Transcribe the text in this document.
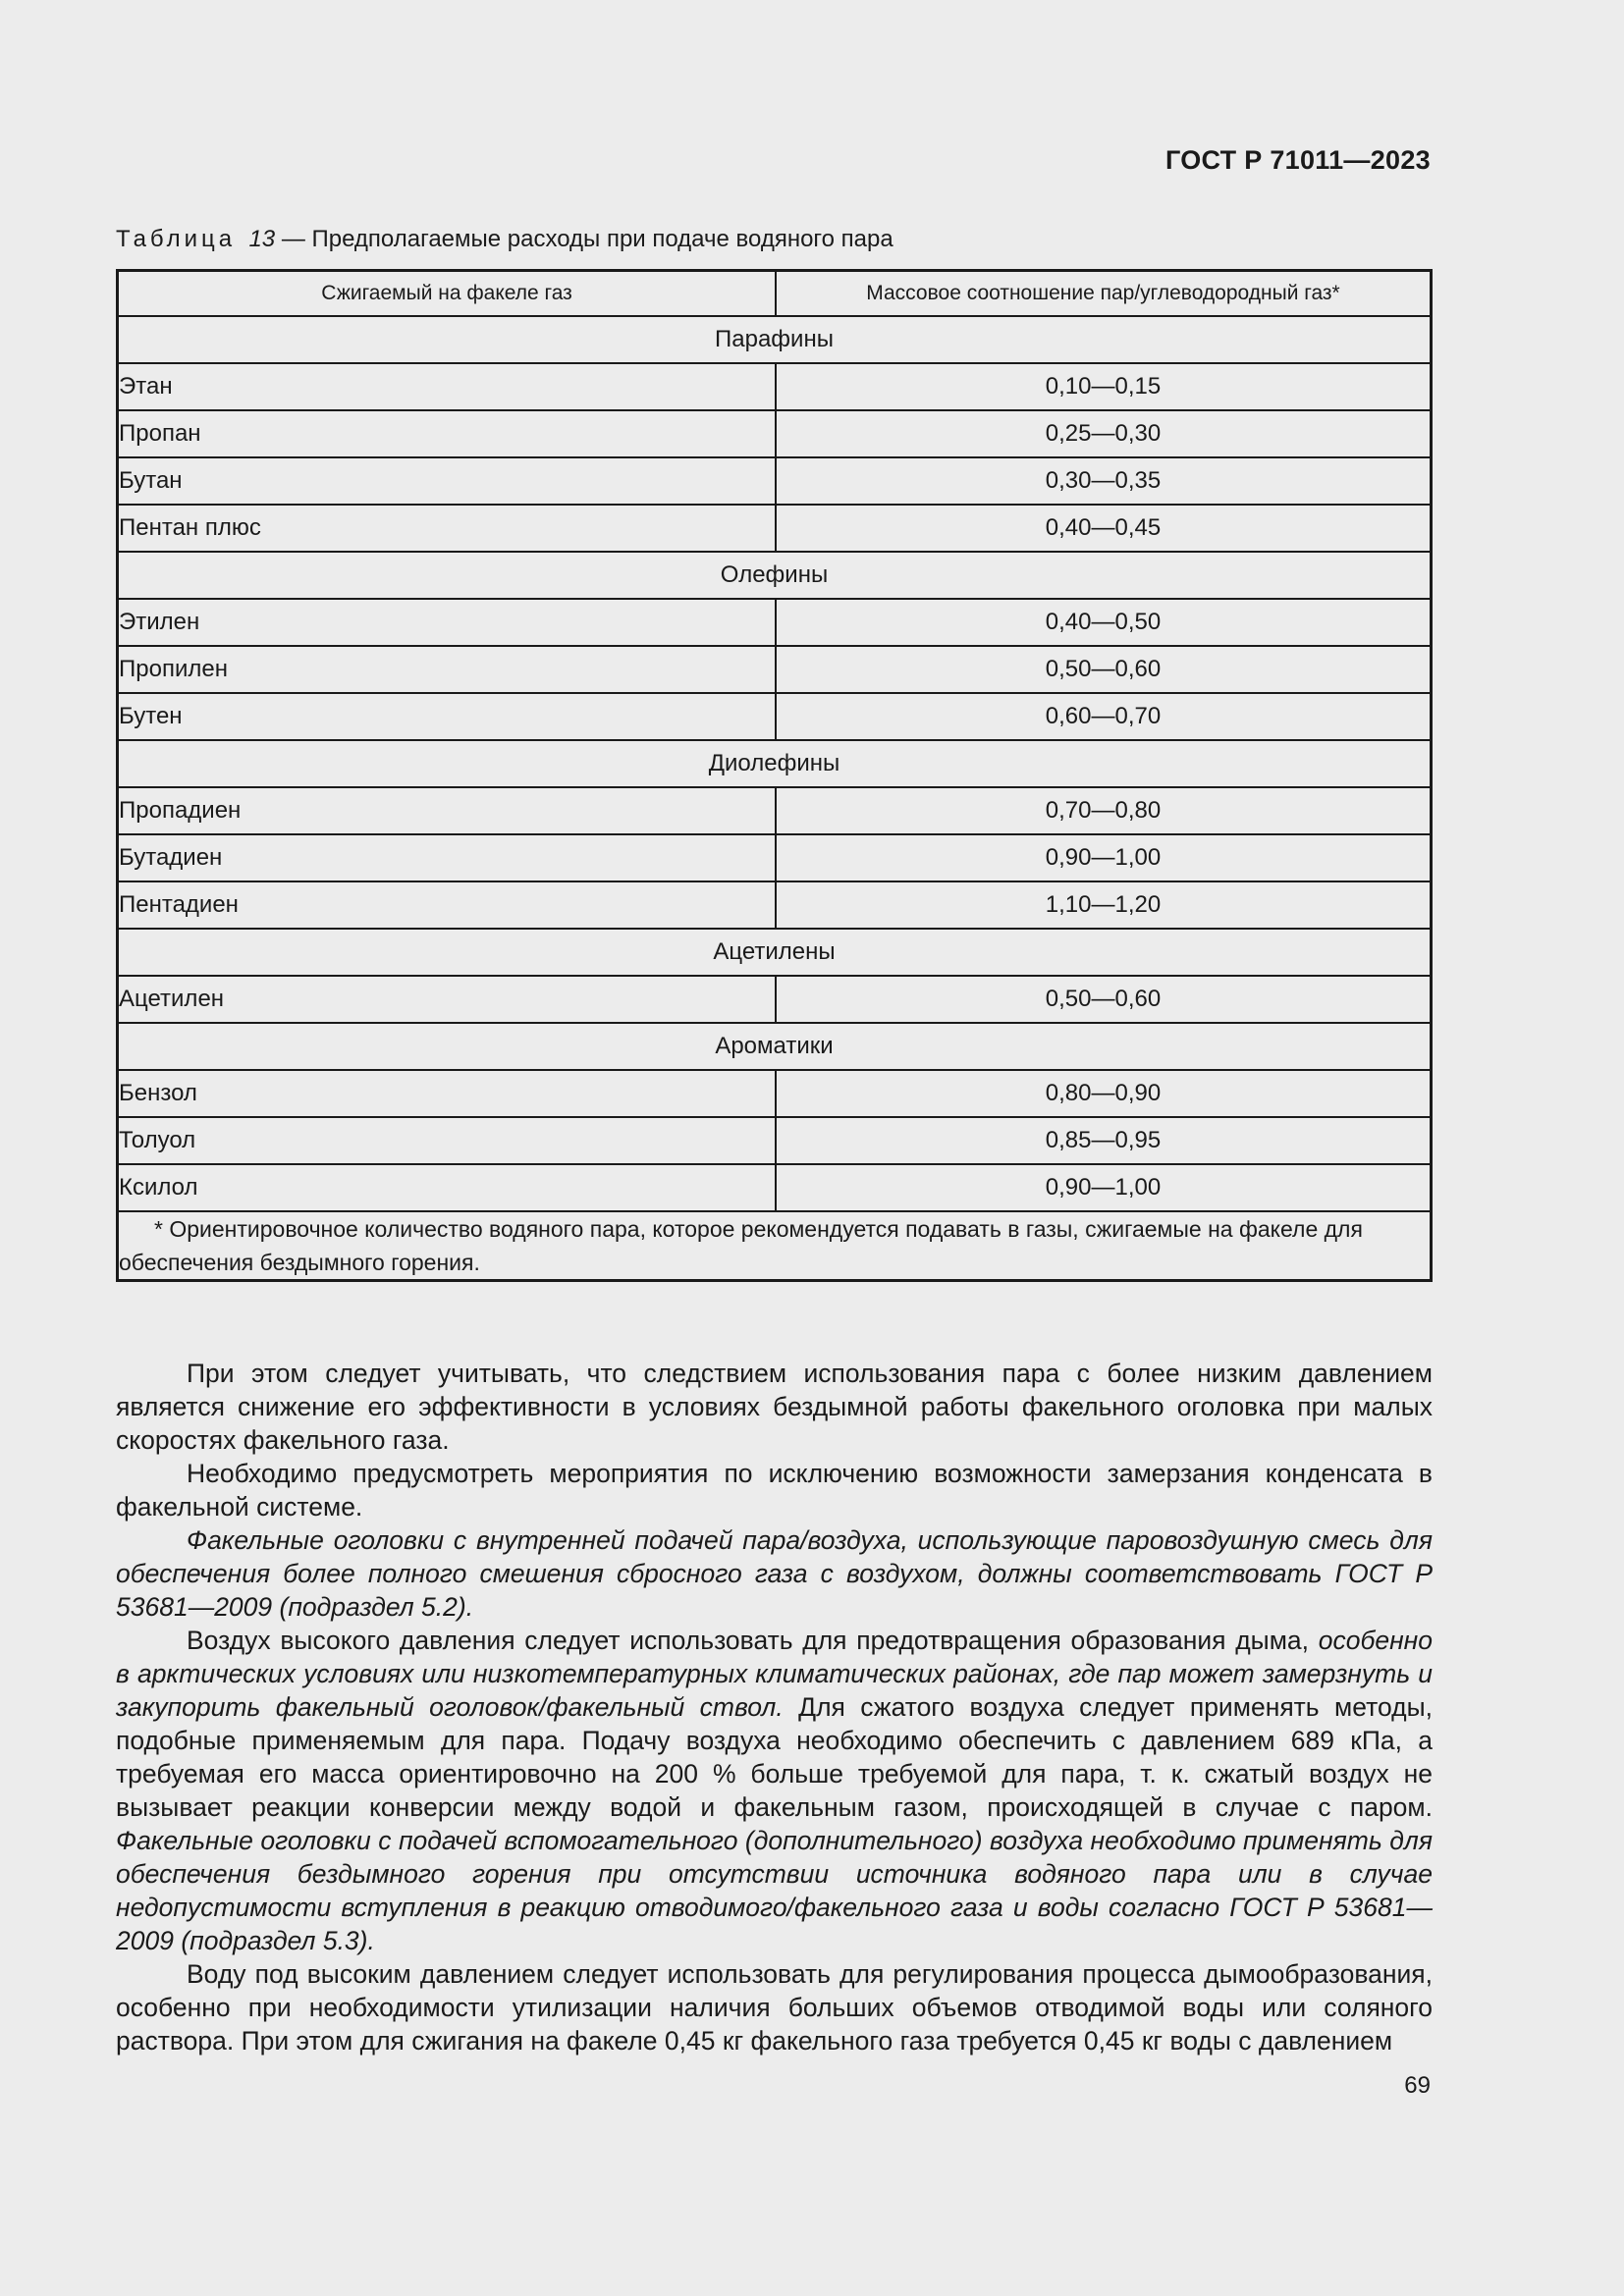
ГОСТ Р 71011—2023
Таблица 13 — Предполагаемые расходы при подаче водяного пара
Сжигаемый на факеле газ	Массовое соотношение пар/углеводородный газ*
Парафины	
Этан	0,10—0,15
Пропан	0,25—0,30
Бутан	0,30—0,35
Пентан плюс	0,40—0,45
Олефины	
Этилен	0,40—0,50
Пропилен	0,50—0,60
Бутен	0,60—0,70
Диолефины	
Пропадиен	0,70—0,80
Бутадиен	0,90—1,00
Пентадиен	1,10—1,20
Ацетилены	
Ацетилен	0,50—0,60
Ароматики	
Бензол	0,80—0,90
Толуол	0,85—0,95
Ксилол	0,90—1,00
* Ориентировочное количество водяного пара, которое рекомендуется подавать в газы, сжигаемые на факеле для обеспечения бездымного горения.	

При этом следует учитывать, что следствием использования пара с более низким давлением является снижение его эффективности в условиях бездымной работы факельного оголовка при малых скоростях факельного газа.

Необходимо предусмотреть мероприятия по исключению возможности замерзания конденсата в факельной системе.

Факельные оголовки с внутренней подачей пара/воздуха, использующие паровоздушную смесь для обеспечения более полного смешения сбросного газа с воздухом, должны соответствовать ГОСТ Р 53681—2009 (подраздел 5.2).

Воздух высокого давления следует использовать для предотвращения образования дыма, особенно в арктических условиях или низкотемпературных климатических районах, где пар может замерзнуть и закупорить факельный оголовок/факельный ствол. Для сжатого воздуха следует применять методы, подобные применяемым для пара. Подачу воздуха необходимо обеспечить с давлением 689 кПа, а требуемая его масса ориентировочно на 200 % больше требуемой для пара, т. к. сжатый воздух не вызывает реакции конверсии между водой и факельным газом, происходящей в случае с паром. Факельные оголовки с подачей вспомогательного (дополнительного) воздуха необходимо применять для обеспечения бездымного горения при отсутствии источника водяного пара или в случае недопустимости вступления в реакцию отводимого/факельного газа и воды согласно ГОСТ Р 53681—2009 (подраздел 5.3).

Воду под высоким давлением следует использовать для регулирования процесса дымообразования, особенно при необходимости утилизации наличия больших объемов отводимой воды или соляного раствора. При этом для сжигания на факеле 0,45 кг факельного газа требуется 0,45 кг воды с давлением

69
